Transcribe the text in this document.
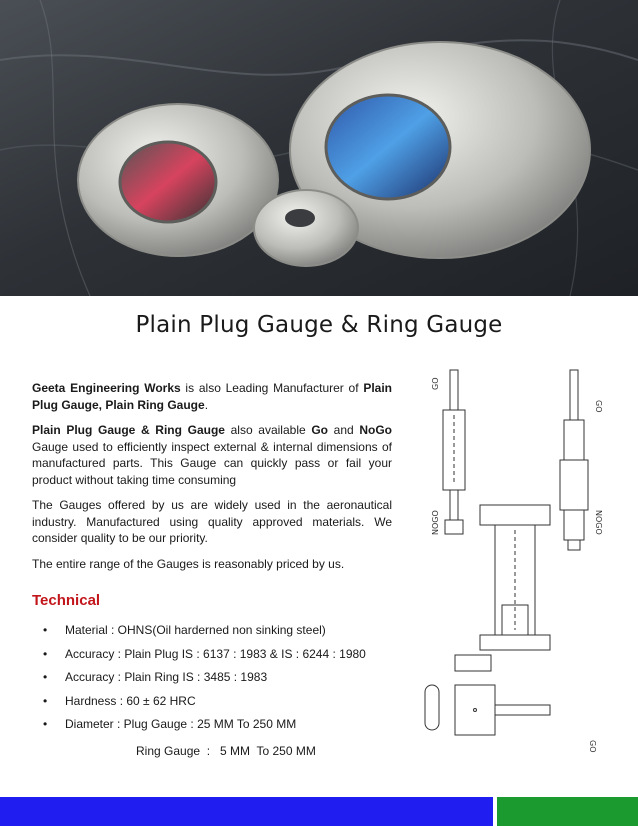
Plain Plug Gauge & Ring Gauge

Geeta Engineering Works is also Leading Manufacturer of Plain Plug Gauge, Plain Ring Gauge.

Plain Plug Gauge & Ring Gauge also available Go and NoGo Gauge used to efficiently inspect external & internal dimensions of manufactured parts. This Gauge can quickly pass or fail your product without taking time consuming

The Gauges offered by us are widely used in the aeronautical industry. Manufactured using quality approved materials. We consider quality to be our priority.

The entire range of the Gauges is reasonably priced by us.

Technical
• Material : OHNS(Oil harderned non sinking steel)
• Accuracy : Plain Plug IS : 6137 : 1983 & IS : 6244 : 1980
• Accuracy : Plain Ring IS : 3485 : 1983
• Hardness : 60 ± 62 HRC
• Diameter : Plug Gauge : 25 MM To 250 MM
Ring Gauge  :   5 MM  To 250 MM
GO
NOGO
GO
NOGO
GO
